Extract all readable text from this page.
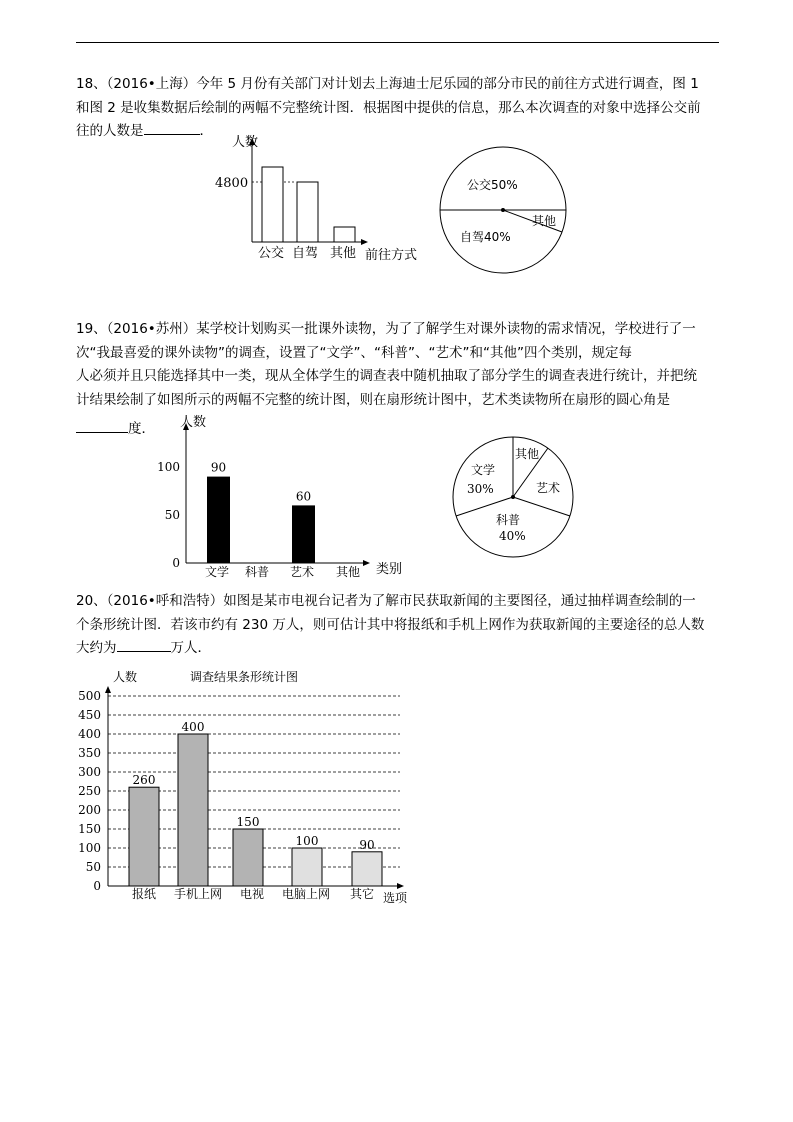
18、（2016•上海）今年 5 月份有关部门对计划去上海迪士尼乐园的部分市民的前往方式进行调查，图 1

和图 2 是收集数据后绘制的两幅不完整统计图．根据图中提供的信息，那么本次调查的对象中选择公交前

往的人数是	．

人数
前往方式
4800
公交 自驾 其他
公交50%
自驾40%
其他

19、（2016•苏州）某学校计划购买一批课外读物，为了了解学生对课外读物的需求情况，学校进行了一

次“我最喜爱的课外读物”的调查，设置了“文学”、“科普”、“艺术”和“其他”四个类别，规定每

人必须并且只能选择其中一类，现从全体学生的调查表中随机抽取了部分学生的调查表进行统计，并把统

计结果绘制了如图所示的两幅不完整的统计图，则在扇形统计图中，艺术类读物所在扇形的圆心角是

度．	人数
类别
0
50
100	90
文学 科普
60
艺术 其他
文学
30%
其他
艺术
科普
40%

20、（2016•呼和浩特）如图是某市电视台记者为了解市民获取新闻的主要图径，通过抽样调查绘制的一

个条形统计图．若该市约有 230 万人，则可估计其中将报纸和手机上网作为获取新闻的主要途径的总人数

大约为	万人．

调查结果条形统计图
人数
选项
0
50
100
150
200
250
300
350
400
450
500
260
报纸
400
手机上网
150
电视
100
电脑上网
90
其它
